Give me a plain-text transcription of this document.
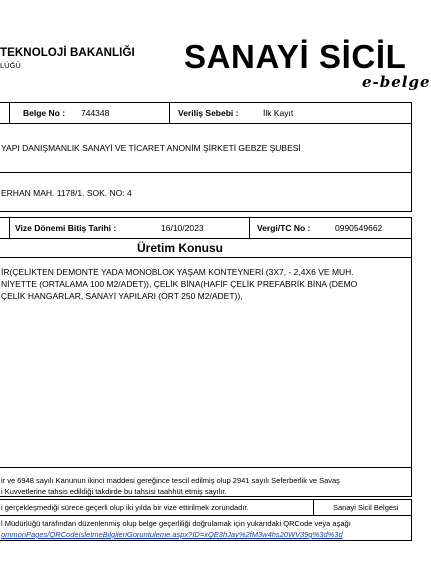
TEKNOLOJİ BAKANLIĞI
LÜĞÜ	SANAYİ SİCİL
e-belge
Belge No : 744348	Veriliş Sebebi :	İlk Kayıt
YAPI DANIŞMANLIK SANAYİ VE TİCARET ANONİM ŞİRKETİ GEBZE ŞUBESİ
ERHAN MAH. 1178/1. SOK. NO: 4
Vize Dönemi Bitiş Tarihi :	16/10/2023	Vergi/TC No :	0990549662
Üretim Konusu
İR(ÇELİKTEN DEMONTE YADA MONOBLOK YAŞAM KONTEYNERİ (3X7, - 2,4X6 VE MUH.
NİYETTE (ORTALAMA 100 M2/ADET)), ÇELİK BİNA(HAFİF ÇELİK PREFABRİK BİNA (DEMO
ÇELİK HANGARLAR, SANAYİ YAPILARI (ORT 250 M2/ADET)),
ir ve 6948 sayılı Kanunun ikinci maddesi gereğince tescil edilmiş olup 2941 sayılı Seferberlik ve Savaş
i Kuvvetlerine tahsis edildiği takdirde bu tahsisi taahhüt etmiş sayılır.
i gerçekleşmediği sürece geçerli olup iki yılda bir vize ettirilmek zorundadır.	Sanayi Sicil Belgesi
l Müdürlüğü tarafından düzenlenmiş olup belge geçerliliği doğrulamak için yukarıdaki QRCode veya aşağı
ommonPages/QRCodeIsletmeBilgileriGoruntuleme.aspx?ID=xQE3hJav%2fM3w4hs20WV39g%3d%3d
